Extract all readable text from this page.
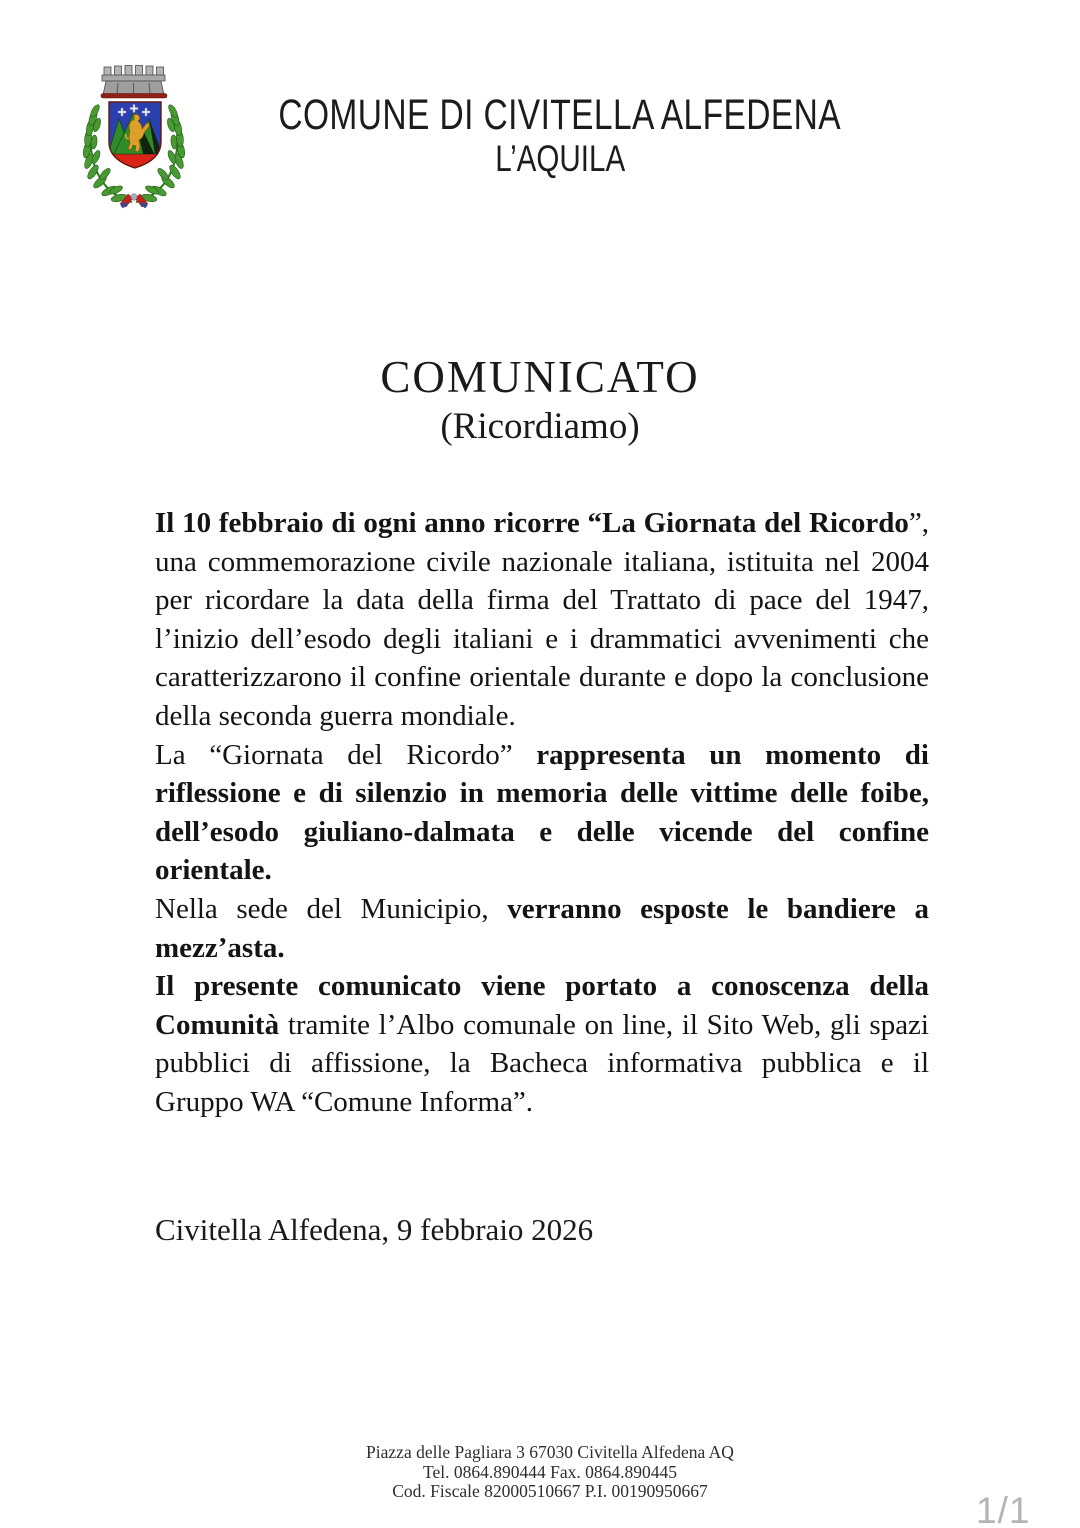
COMUNE DI CIVITELLA ALFEDENA
L’AQUILA
COMUNICATO
(Ricordiamo)

Il 10 febbraio di ogni anno ricorre “La Giornata del Ricordo”, una commemorazione civile nazionale italiana, istituita nel 2004 per ricordare la data della firma del Trattato di pace del 1947, l’inizio dell’esodo degli italiani e i drammatici avvenimenti che caratterizzarono il confine orientale durante e dopo la conclusione della seconda guerra mondiale.

La “Giornata del Ricordo” rappresenta un momento di riflessione e di silenzio in memoria delle vittime delle foibe, dell’esodo giuliano-dalmata e delle vicende del confine orientale.

Nella sede del Municipio, verranno esposte le bandiere a mezz’asta.

Il presente comunicato viene portato a conoscenza della Comunità tramite l’Albo comunale on line, il Sito Web, gli spazi pubblici di affissione, la Bacheca informativa pubblica e il Gruppo WA “Comune Informa”.

Civitella Alfedena, 9 febbraio 2026
Piazza delle Pagliara 3 67030 Civitella Alfedena AQ
Tel. 0864.890444 Fax. 0864.890445
Cod. Fiscale 82000510667 P.I. 00190950667	1/1
